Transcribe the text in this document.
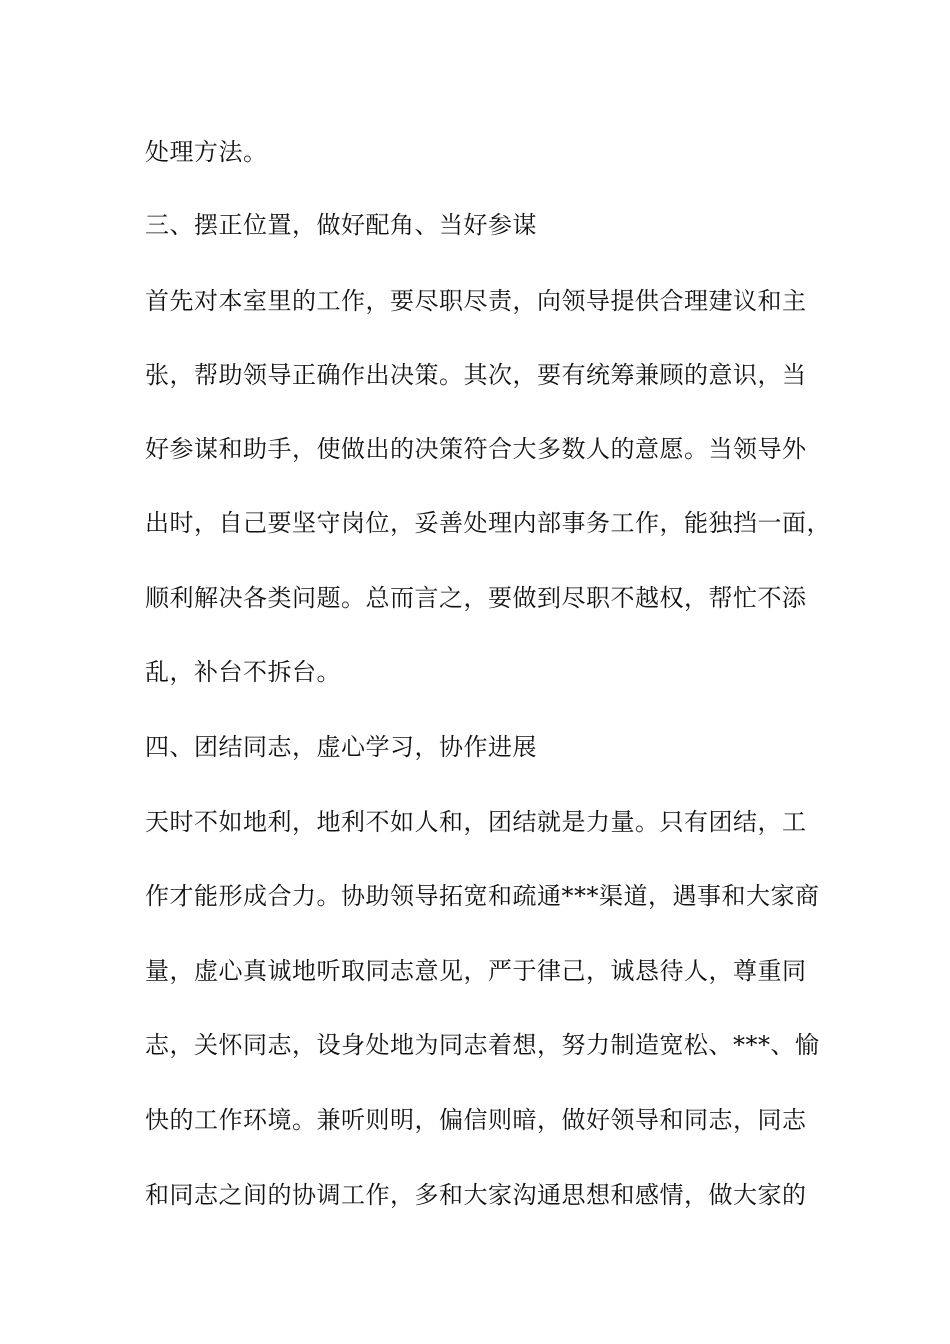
处理方法。
三、摆正位置，做好配角、当好参谋
首先对本室里的工作，要尽职尽责，向领导提供合理建议和主
张，帮助领导正确作出决策。其次，要有统筹兼顾的意识，当
好参谋和助手，使做出的决策符合大多数人的意愿。当领导外
出时，自己要坚守岗位，妥善处理内部事务工作，能独挡一面，
顺利解决各类问题。总而言之，要做到尽职不越权，帮忙不添
乱，补台不拆台。
四、团结同志，虚心学习，协作进展
天时不如地利，地利不如人和，团结就是力量。只有团结，工
作才能形成合力。协助领导拓宽和疏通***渠道，遇事和大家商
量，虚心真诚地听取同志意见，严于律己，诚恳待人，尊重同
志，关怀同志，设身处地为同志着想，努力制造宽松、***、愉
快的工作环境。兼听则明，偏信则暗，做好领导和同志，同志
和同志之间的协调工作，多和大家沟通思想和感情，做大家的
